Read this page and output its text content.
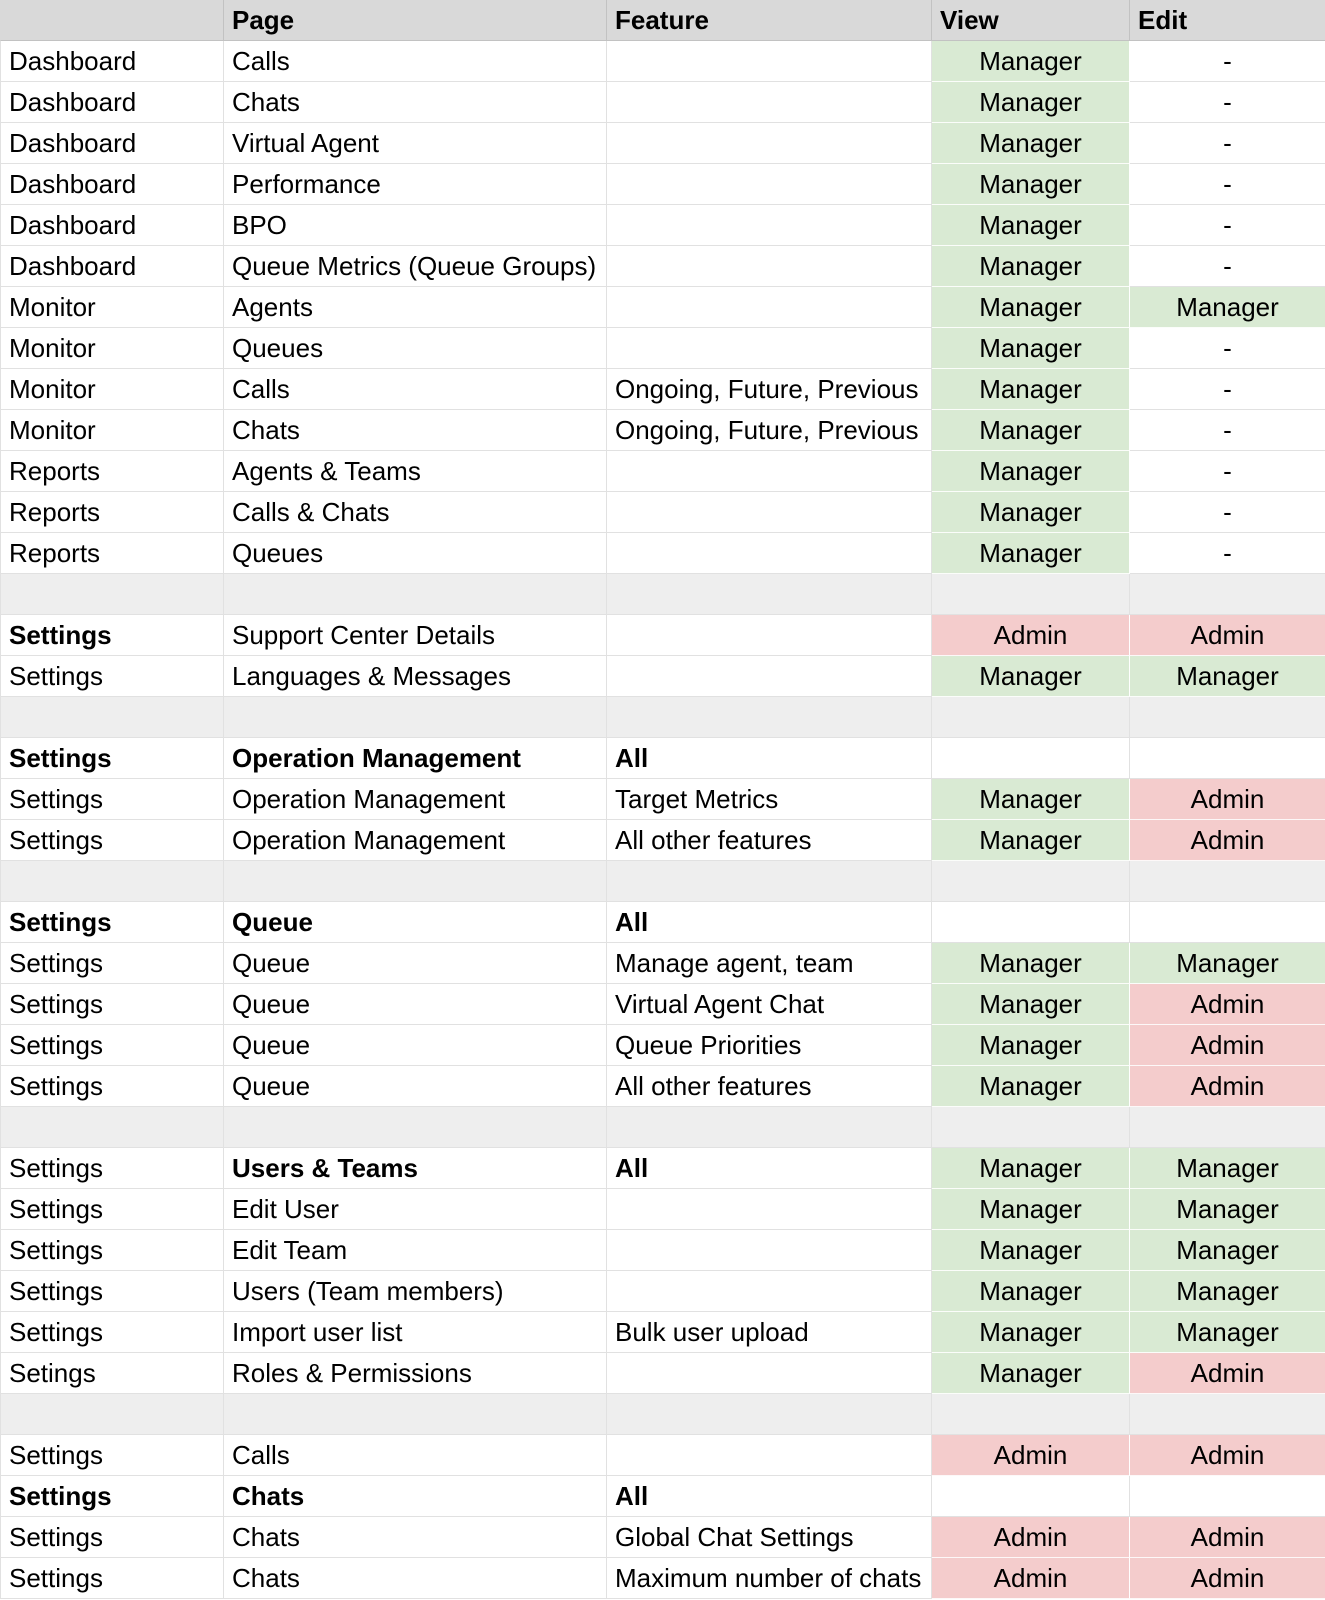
	Page	Feature	View	Edit
Dashboard	Calls		Manager	-
Dashboard	Chats		Manager	-
Dashboard	Virtual Agent		Manager	-
Dashboard	Performance		Manager	-
Dashboard	BPO		Manager	-
Dashboard	Queue Metrics (Queue Groups)		Manager	-
Monitor	Agents		Manager	Manager
Monitor	Queues		Manager	-
Monitor	Calls	Ongoing, Future, Previous	Manager	-
Monitor	Chats	Ongoing, Future, Previous	Manager	-
Reports	Agents & Teams		Manager	-
Reports	Calls & Chats		Manager	-
Reports	Queues		Manager	-

Settings	Support Center Details		Admin	Admin
Settings	Languages & Messages		Manager	Manager

Settings	Operation Management	All		
Settings	Operation Management	Target Metrics	Manager	Admin
Settings	Operation Management	All other features	Manager	Admin

Settings	Queue	All		
Settings	Queue	Manage agent, team	Manager	Manager
Settings	Queue	Virtual Agent Chat	Manager	Admin
Settings	Queue	Queue Priorities	Manager	Admin
Settings	Queue	All other features	Manager	Admin

Settings	Users & Teams	All	Manager	Manager
Settings	Edit User		Manager	Manager
Settings	Edit Team		Manager	Manager
Settings	Users (Team members)		Manager	Manager
Settings	Import user list	Bulk user upload	Manager	Manager
Setings	Roles & Permissions		Manager	Admin

Settings	Calls		Admin	Admin
Settings	Chats	All		
Settings	Chats	Global Chat Settings	Admin	Admin
Settings	Chats	Maximum number of chats	Admin	Admin
